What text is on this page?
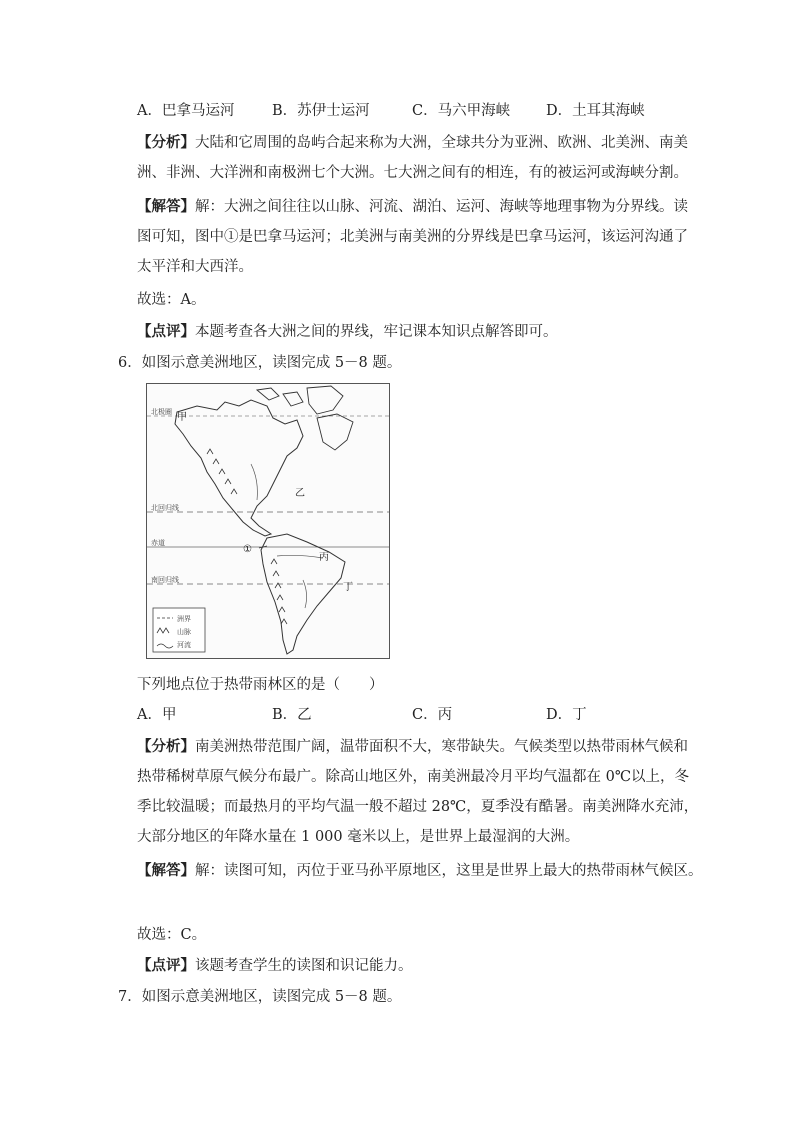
A．巴拿马运河	B．苏伊士运河	C．马六甲海峡 D．土耳其海峡
【分析】大陆和它周围的岛屿合起来称为大洲，全球共分为亚洲、欧洲、北美洲、南美
洲、非洲、大洋洲和南极洲七个大洲。七大洲之间有的相连，有的被运河或海峡分割。
【解答】解：大洲之间往往以山脉、河流、湖泊、运河、海峡等地理事物为分界线。读
图可知，图中①是巴拿马运河；北美洲与南美洲的分界线是巴拿马运河，该运河沟通了
太平洋和大西洋。
故选：A。
【点评】本题考查各大洲之间的界线，牢记课本知识点解答即可。
6．如图示意美洲地区，读图完成 5－8 题。
北极圈
北回归线
赤道
南回归线
甲
乙
丙
丁
①
洲界
山脉
河流
下列地点位于热带雨林区的是（　　）
A．甲	B．乙	C．丙	D．丁
【分析】南美洲热带范围广阔，温带面积不大，寒带缺失。气候类型以热带雨林气候和
热带稀树草原气候分布最广。除高山地区外，南美洲最冷月平均气温都在 0℃以上，冬
季比较温暖；而最热月的平均气温一般不超过 28℃，夏季没有酷暑。南美洲降水充沛，
大部分地区的年降水量在 1 000 毫米以上，是世界上最湿润的大洲。
【解答】解：读图可知，丙位于亚马孙平原地区，这里是世界上最大的热带雨林气候区。
故选：C。
【点评】该题考查学生的读图和识记能力。
7．如图示意美洲地区，读图完成 5－8 题。
